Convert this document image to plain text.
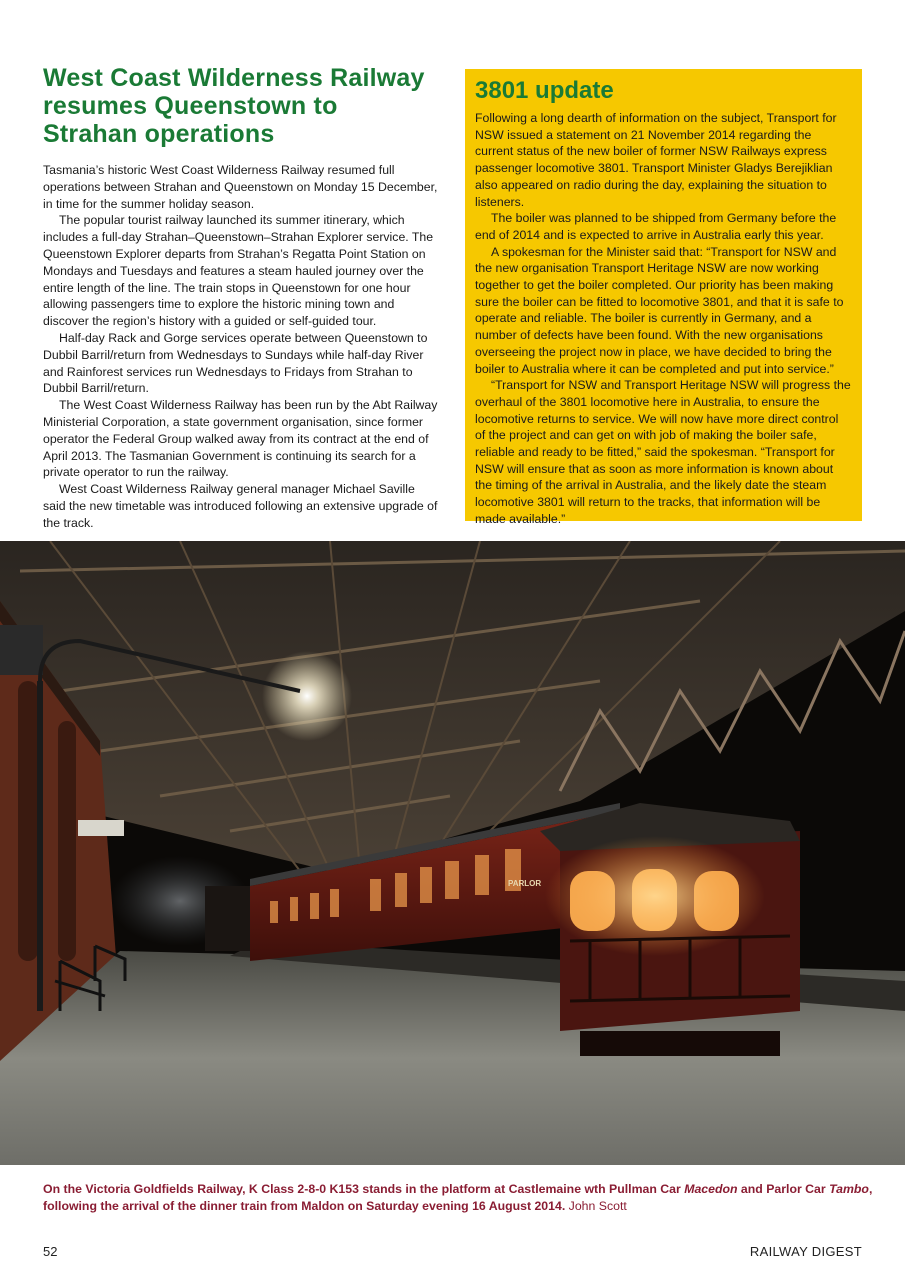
West Coast Wilderness Railway resumes Queenstown to Strahan operations

Tasmania’s historic West Coast Wilderness Railway resumed full operations between Strahan and Queenstown on Monday 15 December, in time for the summer holiday season.

The popular tourist railway launched its summer itinerary, which includes a full-day Strahan–Queenstown–Strahan Explorer service. The Queenstown Explorer departs from Strahan’s Regatta Point Station on Mondays and Tuesdays and features a steam hauled journey over the entire length of the line. The train stops in Queenstown for one hour allowing passengers time to explore the historic mining town and discover the region’s history with a guided or self-guided tour.

Half-day Rack and Gorge services operate between Queenstown to Dubbil Barril/return from Wednesdays to Sundays while half-day River and Rainforest services run Wednesdays to Fridays from Strahan to Dubbil Barril/return.

The West Coast Wilderness Railway has been run by the Abt Railway Ministerial Corporation, a state government organisation, since former operator the Federal Group walked away from its contract at the end of April 2013. The Tasmanian Government is continuing its search for a private operator to run the railway.

West Coast Wilderness Railway general manager Michael Saville said the new timetable was introduced following an extensive upgrade of the track.

3801 update

Following a long dearth of information on the subject, Transport for NSW issued a statement on 21 November 2014 regarding the current status of the new boiler of former NSW Railways express passenger locomotive 3801. Transport Minister Gladys Berejiklian also appeared on radio during the day, explaining the situation to listeners.

The boiler was planned to be shipped from Germany before the end of 2014 and is expected to arrive in Australia early this year.

A spokesman for the Minister said that: “Transport for NSW and the new organisation Transport Heritage NSW are now working together to get the boiler completed. Our priority has been making sure the boiler can be fitted to locomotive 3801, and that it is safe to operate and reliable. The boiler is currently in Germany, and a number of defects have been found. With the new organisations overseeing the project now in place, we have decided to bring the boiler to Australia where it can be completed and put into service.”

“Transport for NSW and Transport Heritage NSW will progress the overhaul of the 3801 locomotive here in Australia, to ensure the locomotive returns to service. We will now have more direct control of the project and can get on with job of making the boiler safe, reliable and ready to be fitted,” said the spokesman. “Transport for NSW will ensure that as soon as more information is known about the timing of the arrival in Australia, and the likely date the steam locomotive 3801 will return to the tracks, that information will be made available.”

PARLOR
On the Victoria Goldfields Railway, K Class 2-8-0 K153 stands in the platform at Castlemaine wth Pullman Car Macedon and Parlor Car Tambo, following the arrival of the dinner train from Maldon on Saturday evening 16 August 2014. John Scott
52	RAILWAY DIGEST
